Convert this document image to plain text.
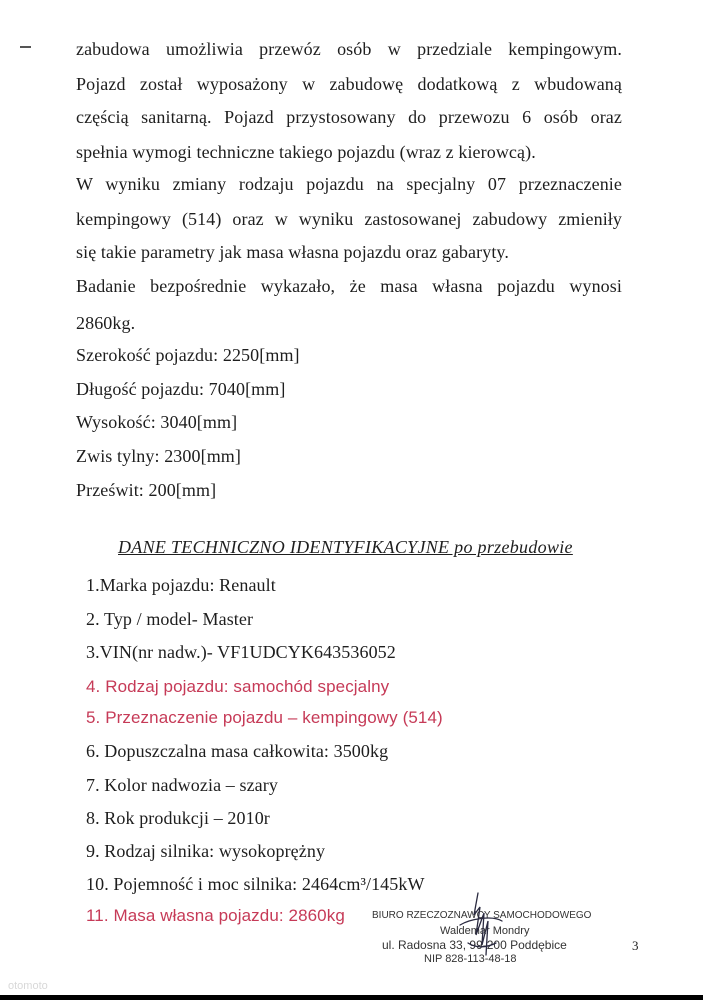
zabudowa umożliwia przewóz osób w przedziale kempingowym.
Pojazd został wyposażony w zabudowę dodatkową z wbudowaną
częścią sanitarną. Pojazd przystosowany do przewozu 6 osób oraz
spełnia wymogi techniczne takiego pojazdu (wraz z kierowcą).
W wyniku zmiany rodzaju pojazdu na specjalny 07 przeznaczenie
kempingowy (514) oraz w wyniku zastosowanej zabudowy zmieniły
się takie parametry jak masa własna pojazdu oraz gabaryty.
Badanie bezpośrednie wykazało, że masa własna pojazdu wynosi
2860kg.
Szerokość pojazdu: 2250[mm]
Długość pojazdu: 7040[mm]
Wysokość: 3040[mm]
Zwis tylny: 2300[mm]
Prześwit: 200[mm]
DANE TECHNICZNO IDENTYFIKACYJNE po przebudowie
1.Marka pojazdu: Renault
2. Typ / model- Master
3.VIN(nr nadw.)- VF1UDCYK643536052
4. Rodzaj pojazdu: samochód specjalny
5. Przeznaczenie pojazdu – kempingowy (514)
6. Dopuszczalna masa całkowita: 3500kg
7. Kolor nadwozia – szary
8. Rok produkcji – 2010r
9. Rodzaj silnika: wysokoprężny
10. Pojemność i moc silnika: 2464cm³/145kW
11. Masa własna pojazdu: 2860kg	BIURO RZECZOZNAWCY SAMOCHODOWEGO
Waldemar Mondry
ul. Radosna 33, 99-200 Poddębice
NIP 828-113-48-18
3
otomoto
